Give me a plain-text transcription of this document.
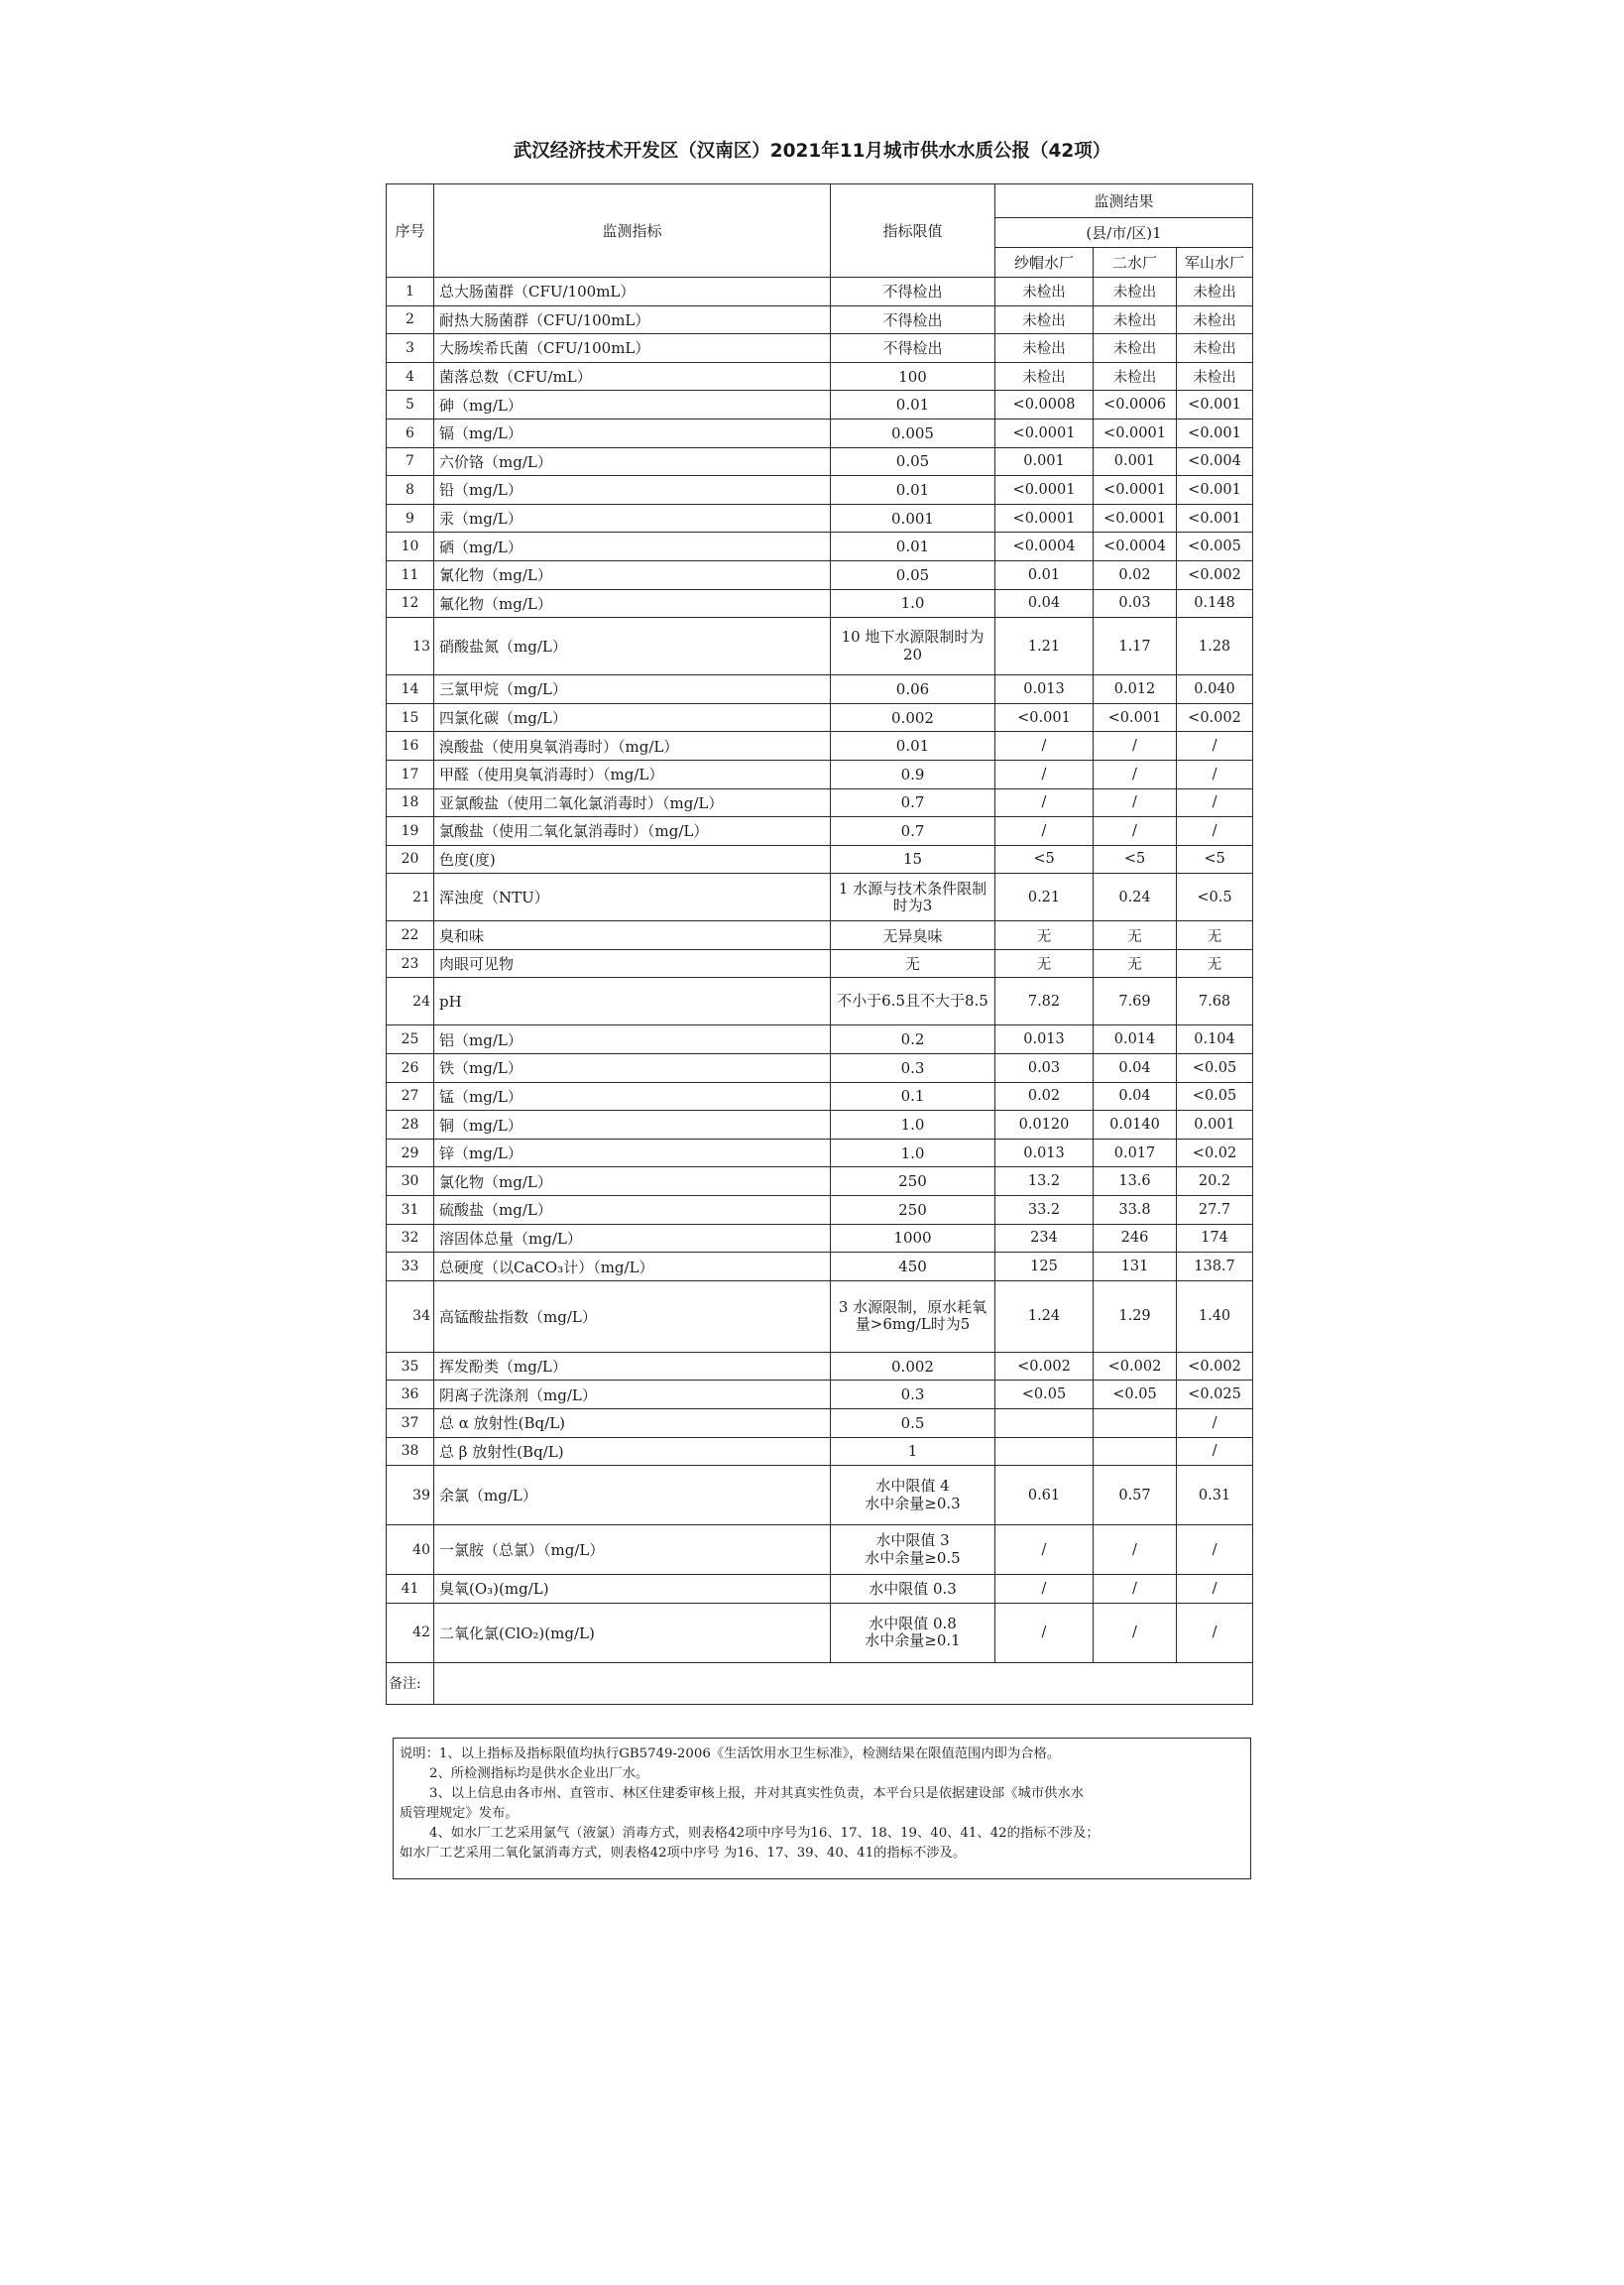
武汉经济技术开发区（汉南区）2021年11月城市供水水质公报（42项）
序号	监测指标	指标限值	监测结果		
			(县/市/区)1		
			纱帽水厂	二水厂	军山水厂
1	总大肠菌群（CFU/100mL）	不得检出	未检出	未检出	未检出
2	耐热大肠菌群（CFU/100mL）	不得检出	未检出	未检出	未检出
3	大肠埃希氏菌（CFU/100mL）	不得检出	未检出	未检出	未检出
4	菌落总数（CFU/mL）	100	未检出	未检出	未检出
5	砷（mg/L）	0.01	<0.0008	<0.0006	<0.001
6	镉（mg/L）	0.005	<0.0001	<0.0001	<0.001
7	六价铬（mg/L）	0.05	0.001	0.001	<0.004
8	铅（mg/L）	0.01	<0.0001	<0.0001	<0.001
9	汞（mg/L）	0.001	<0.0001	<0.0001	<0.001
10	硒（mg/L）	0.01	<0.0004	<0.0004	<0.005
11	氰化物（mg/L）	0.05	0.01	0.02	<0.002
12	氟化物（mg/L）	1.0	0.04	0.03	0.148
13	硝酸盐氮（mg/L）	10 地下水源限制时为20	1.21	1.17	1.28
14	三氯甲烷（mg/L）	0.06	0.013	0.012	0.040
15	四氯化碳（mg/L）	0.002	<0.001	<0.001	<0.002
16	溴酸盐（使用臭氧消毒时）（mg/L）	0.01	/	/	/
17	甲醛（使用臭氧消毒时）（mg/L）	0.9	/	/	/
18	亚氯酸盐（使用二氧化氯消毒时）（mg/L）	0.7	/	/	/
19	氯酸盐（使用二氧化氯消毒时）（mg/L）	0.7	/	/	/
20	色度(度)	15	<5	<5	<5
21	浑浊度（NTU）	1 水源与技术条件限制时为3	0.21	0.24	<0.5
22	臭和味	无异臭味	无	无	无
23	肉眼可见物	无	无	无	无
24	pH	不小于6.5且不大于8.5	7.82	7.69	7.68
25	铝（mg/L）	0.2	0.013	0.014	0.104
26	铁（mg/L）	0.3	0.03	0.04	<0.05
27	锰（mg/L）	0.1	0.02	0.04	<0.05
28	铜（mg/L）	1.0	0.0120	0.0140	0.001
29	锌（mg/L）	1.0	0.013	0.017	<0.02
30	氯化物（mg/L）	250	13.2	13.6	20.2
31	硫酸盐（mg/L）	250	33.2	33.8	27.7
32	溶固体总量（mg/L）	1000	234	246	174
33	总硬度（以CaCO₃计）（mg/L）	450	125	131	138.7
34	高锰酸盐指数（mg/L）	3 水源限制，原水耗氧量>6mg/L时为5	1.24	1.29	1.40
35	挥发酚类（mg/L）	0.002	<0.002	<0.002	<0.002
36	阴离子洗涤剂（mg/L）	0.3	<0.05	<0.05	<0.025
37	总 α 放射性(Bq/L)	0.5			/
38	总 β 放射性(Bq/L)	1			/
39	余氯（mg/L）	水中限值 4
水中余量≥0.3	0.61	0.57	0.31
40	一氯胺（总氯）（mg/L）	水中限值 3
水中余量≥0.5	/	/	/
41	臭氧(O₃)(mg/L)	水中限值 0.3	/	/	/
42	二氧化氯(ClO₂)(mg/L)	水中限值 0.8
水中余量≥0.1	/	/	/
备注:					
说明：1、以上指标及指标限值均执行GB5749-2006《生活饮用水卫生标准》，检测结果在限值范围内即为合格。
2、所检测指标均是供水企业出厂水。
3、以上信息由各市州、直管市、林区住建委审核上报，并对其真实性负责，本平台只是依据建设部《城市供水水
质管理规定》发布。
4、如水厂工艺采用氯气（液氯）消毒方式，则表格42项中序号为16、17、18、19、40、41、42的指标不涉及；
如水厂工艺采用二氧化氯消毒方式，则表格42项中序号 为16、17、39、40、41的指标不涉及。
